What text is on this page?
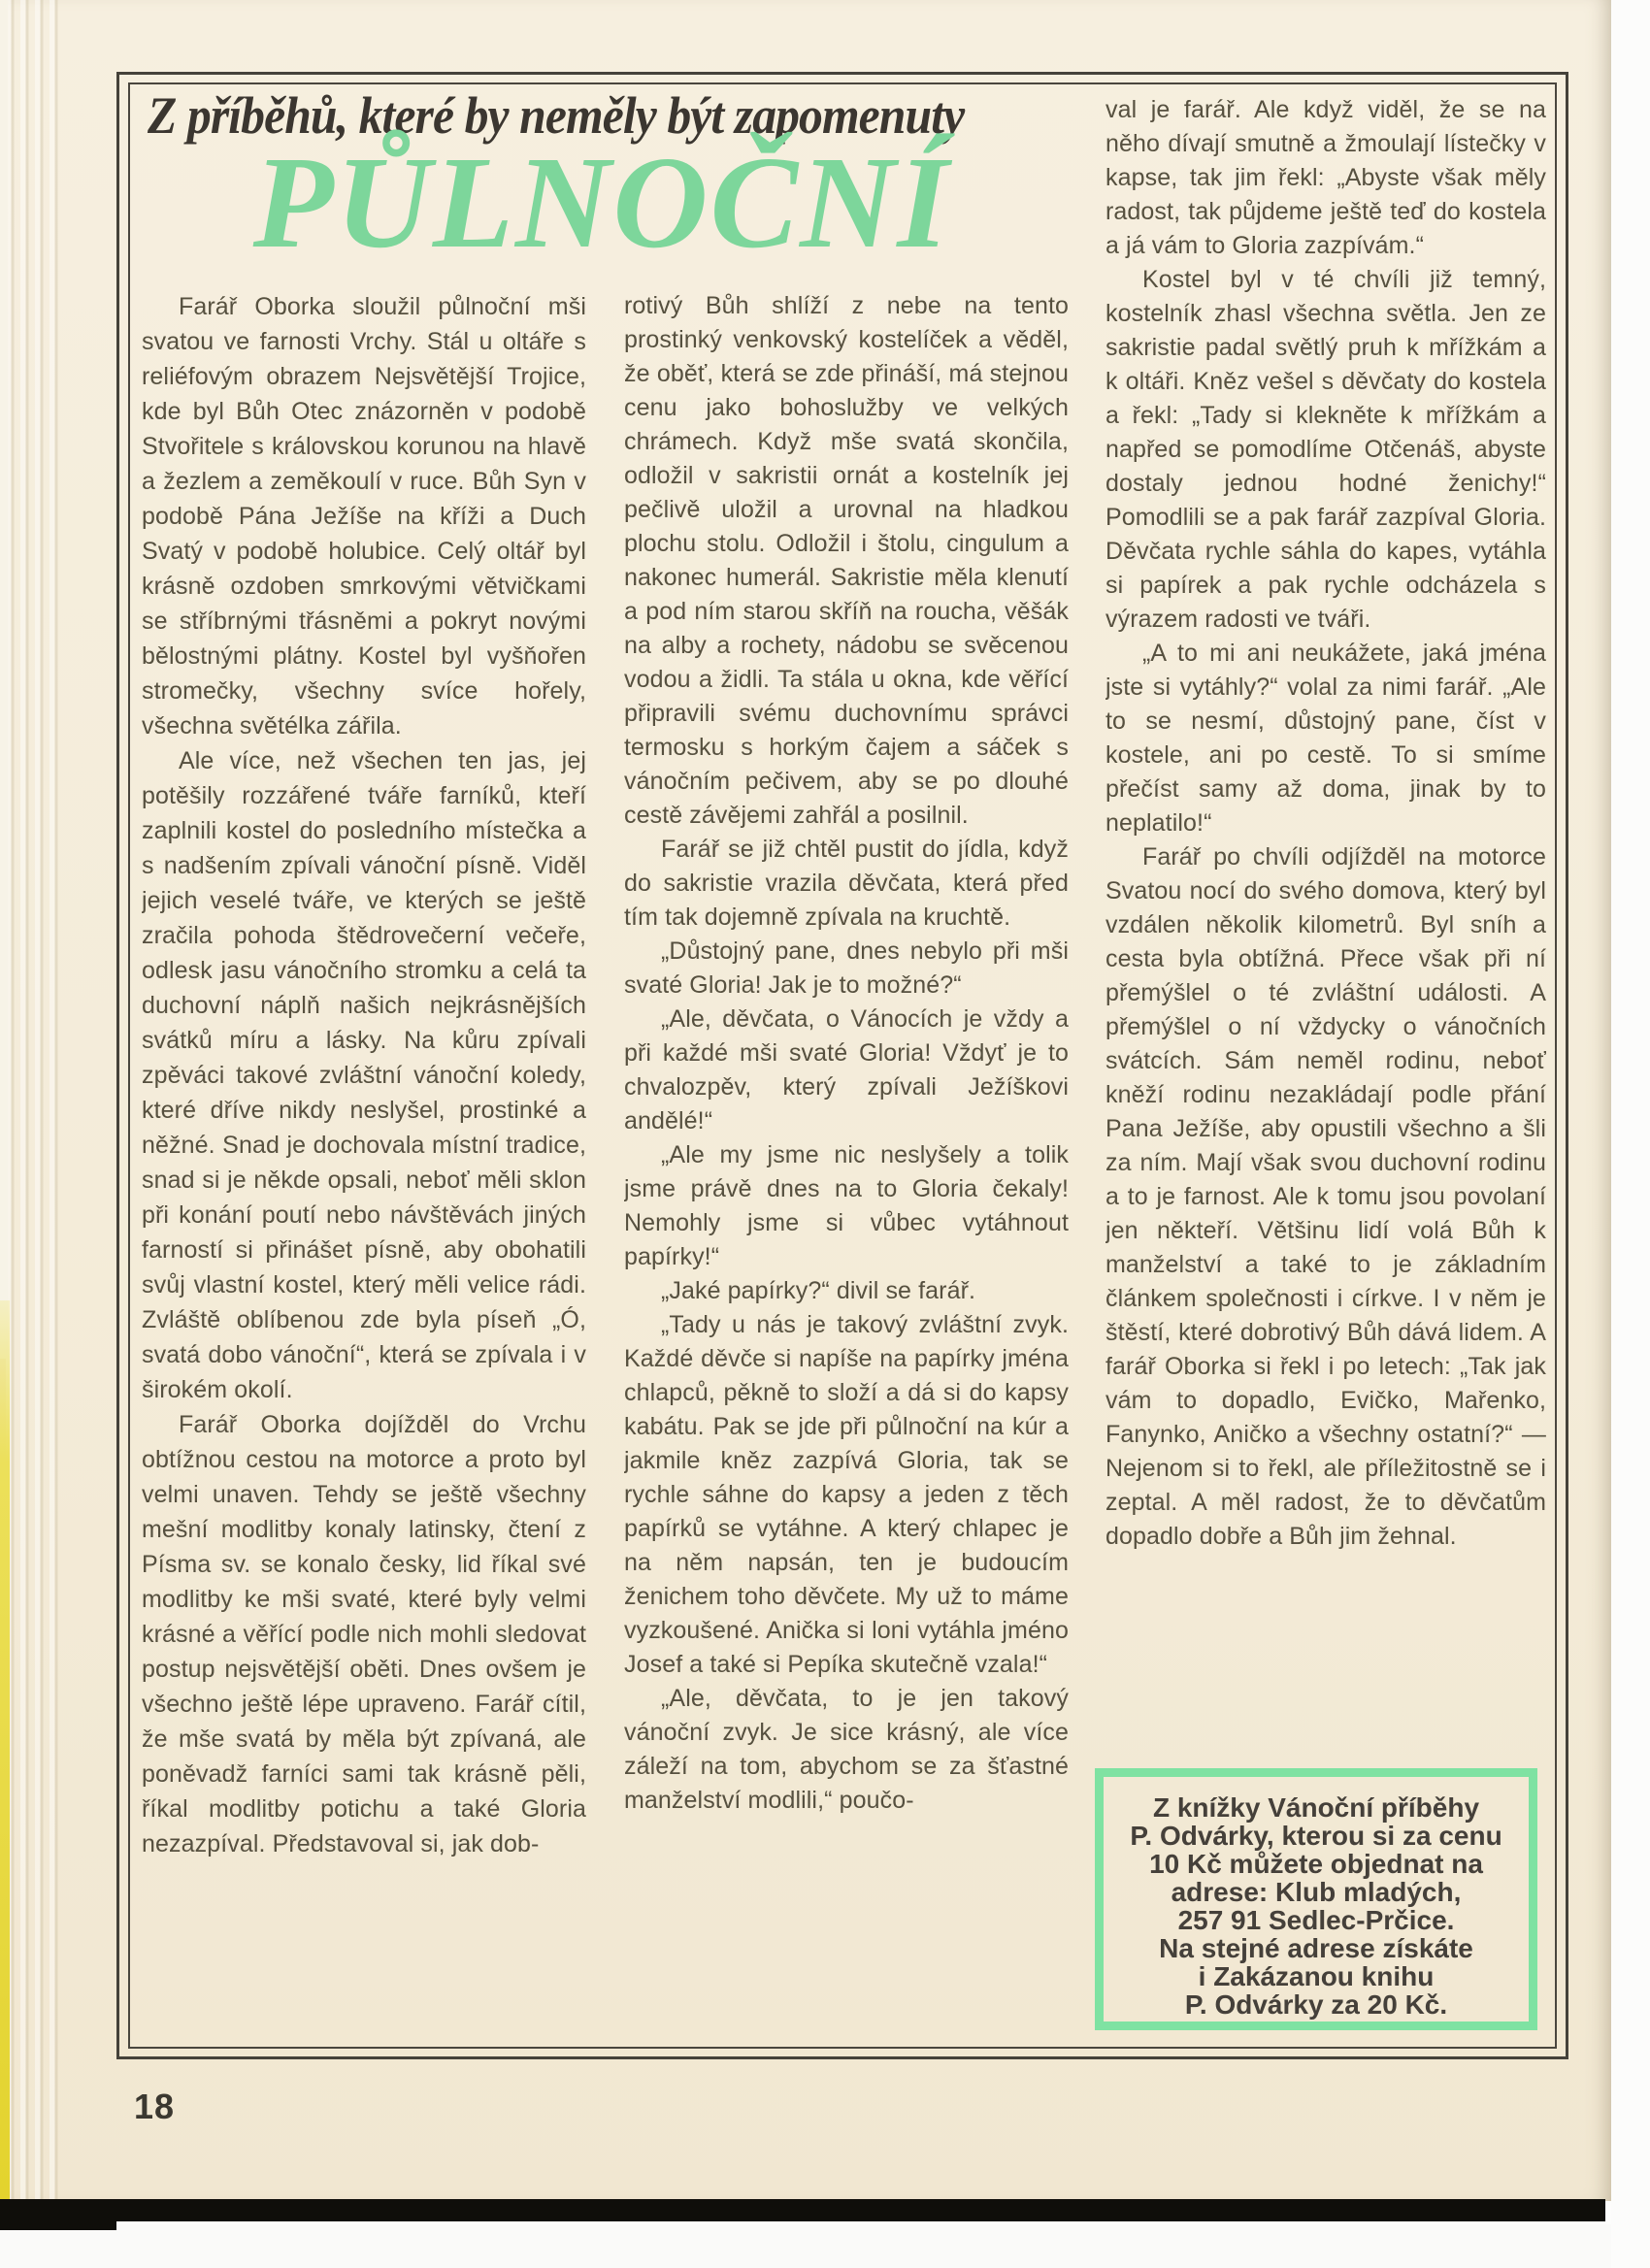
Z příběhů, které by neměly být zapomenuty
PŮLNOČNÍ

Farář Oborka sloužil půlnoční mši svatou ve farnosti Vrchy. Stál u oltáře s reliéfovým obrazem Nejsvětější Trojice, kde byl Bůh Otec znázorněn v podobě Stvořitele s královskou korunou na hlavě a žezlem a zeměkoulí v ruce. Bůh Syn v podobě Pána Ježíše na kříži a Duch Svatý v podobě holubice. Celý oltář byl krásně ozdoben smrkovými větvičkami se stříbrnými třásněmi a pokryt novými bělostnými plátny. Kostel byl vyšňořen stromečky, všechny svíce hořely, všechna světélka zářila.

Ale více, než všechen ten jas, jej potěšily rozzářené tváře farníků, kteří zaplnili kostel do posledního místečka a s nadšením zpívali vánoční písně. Viděl jejich veselé tváře, ve kterých se ještě zračila pohoda štědrovečerní večeře, odlesk jasu vánočního stromku a celá ta duchovní náplň našich nejkrásnějších svátků míru a lásky. Na kůru zpívali zpěváci takové zvláštní vánoční koledy, které dříve nikdy neslyšel, prostinké a něžné. Snad je dochovala místní tradice, snad si je někde opsali, neboť měli sklon při konání poutí nebo návštěvách jiných farností si přinášet písně, aby obohatili svůj vlastní kostel, který měli velice rádi. Zvláště oblíbenou zde byla píseň „Ó, svatá dobo vánoční“, která se zpívala i v širokém okolí.

Farář Oborka dojížděl do Vrchu obtížnou cestou na motorce a proto byl velmi unaven. Tehdy se ještě všechny mešní modlitby konaly latinsky, čtení z Písma sv. se konalo česky, lid říkal své modlitby ke mši svaté, které byly velmi krásné a věřící podle nich mohli sledovat postup nejsvětější oběti. Dnes ovšem je všechno ještě lépe upraveno. Farář cítil, že mše svatá by měla být zpívaná, ale poněvadž farníci sami tak krásně pěli, říkal modlitby potichu a také Gloria nezazpíval. Představoval si, jak dob-

rotivý Bůh shlíží z nebe na tento prostinký venkovský kostelíček a věděl, že oběť, která se zde přináší, má stejnou cenu jako bohoslužby ve velkých chrámech. Když mše svatá skončila, odložil v sakristii ornát a kostelník jej pečlivě uložil a urovnal na hladkou plochu stolu. Odložil i štolu, cingulum a nakonec humerál. Sakristie měla klenutí a pod ním starou skříň na roucha, věšák na alby a rochety, nádobu se svěcenou vodou a židli. Ta stála u okna, kde věřící připravili svému duchovnímu správci termosku s horkým čajem a sáček s vánočním pečivem, aby se po dlouhé cestě závějemi zahřál a posilnil.

Farář se již chtěl pustit do jídla, když do sakristie vrazila děvčata, která před tím tak dojemně zpívala na kruchtě.

„Důstojný pane, dnes nebylo při mši svaté Gloria! Jak je to možné?“

„Ale, děvčata, o Vánocích je vždy a při každé mši svaté Gloria! Vždyť je to chvalozpěv, který zpívali Ježíškovi andělé!“

„Ale my jsme nic neslyšely a tolik jsme právě dnes na to Gloria čekaly! Nemohly jsme si vůbec vytáhnout papírky!“

„Jaké papírky?“ divil se farář.

„Tady u nás je takový zvláštní zvyk. Každé děvče si napíše na papírky jména chlapců, pěkně to složí a dá si do kapsy kabátu. Pak se jde při půlnoční na kúr a jakmile kněz zazpívá Gloria, tak se rychle sáhne do kapsy a jeden z těch papírků se vytáhne. A který chlapec je na něm napsán, ten je budoucím ženichem toho děvčete. My už to máme vyzkoušené. Anička si loni vytáhla jméno Josef a také si Pepíka skutečně vzala!“

„Ale, děvčata, to je jen takový vánoční zvyk. Je sice krásný, ale více záleží na tom, abychom se za šťastné manželství modlili,“ poučo-

val je farář. Ale když viděl, že se na něho dívají smutně a žmoulají lístečky v kapse, tak jim řekl: „Abyste však měly radost, tak půjdeme ještě teď do kostela a já vám to Gloria zazpívám.“

Kostel byl v té chvíli již temný, kostelník zhasl všechna světla. Jen ze sakristie padal světlý pruh k mřížkám a k oltáři. Kněz vešel s děvčaty do kostela a řekl: „Tady si klekněte k mřížkám a napřed se pomodlíme Otčenáš, abyste dostaly jednou hodné ženichy!“ Pomodlili se a pak farář zazpíval Gloria. Děvčata rychle sáhla do kapes, vytáhla si papírek a pak rychle odcházela s výrazem radosti ve tváři.

„A to mi ani neukážete, jaká jména jste si vytáhly?“ volal za nimi farář. „Ale to se nesmí, důstojný pane, číst v kostele, ani po cestě. To si smíme přečíst samy až doma, jinak by to neplatilo!“

Farář po chvíli odjížděl na motorce Svatou nocí do svého domova, který byl vzdálen několik kilometrů. Byl sníh a cesta byla obtížná. Přece však při ní přemýšlel o té zvláštní události. A přemýšlel o ní vždycky o vánočních svátcích. Sám neměl rodinu, neboť kněží rodinu nezakládají podle přání Pana Ježíše, aby opustili všechno a šli za ním. Mají však svou duchovní rodinu a to je farnost. Ale k tomu jsou povolaní jen někteří. Většinu lidí volá Bůh k manželství a také to je základním článkem společnosti i církve. I v něm je štěstí, které dobrotivý Bůh dává lidem. A farář Oborka si řekl i po letech: „Tak jak vám to dopadlo, Evičko, Mařenko, Fanynko, Aničko a všechny ostatní?“ — Nejenom si to řekl, ale příležitostně se i zeptal. A měl radost, že to děvčatům dopadlo dobře a Bůh jim žehnal.

Z knížky Vánoční příběhy
P. Odvárky, kterou si za cenu
10 Kč můžete objednat na
adrese: Klub mladých,
257 91 Sedlec-Prčice.
Na stejné adrese získáte
i Zakázanou knihu
P. Odvárky za 20 Kč.
18
